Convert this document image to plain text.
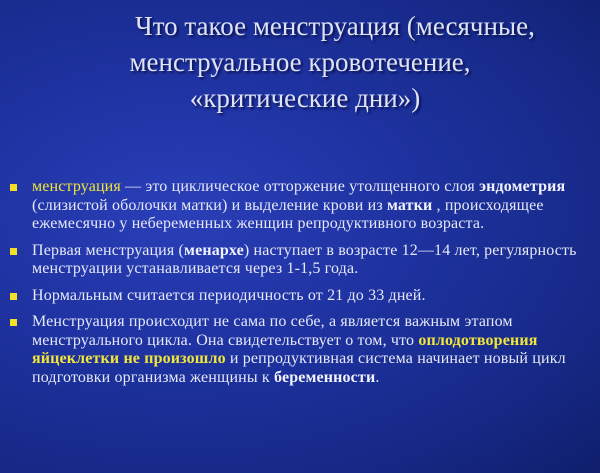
Что такое менструация (месячные,
менструальное кровотечение,
«критические дни»)
менструация — это циклическое отторжение утолщенного слоя эндометрия (слизистой оболочки матки) и выделение крови из матки , происходящее ежемесячно у небеременных женщин репродуктивного возраста.
Первая менструация (менархе) наступает в возрасте 12—14 лет, регулярность менструации устанавливается через 1-1,5 года.
Нормальным считается периодичность от 21 до 33 дней.
Менструация происходит не сама по себе, а является важным этапом менструального цикла. Она свидетельствует о том, что оплодотворения яйцеклетки не произошло и репродуктивная система начинает новый цикл подготовки организма женщины к беременности.
